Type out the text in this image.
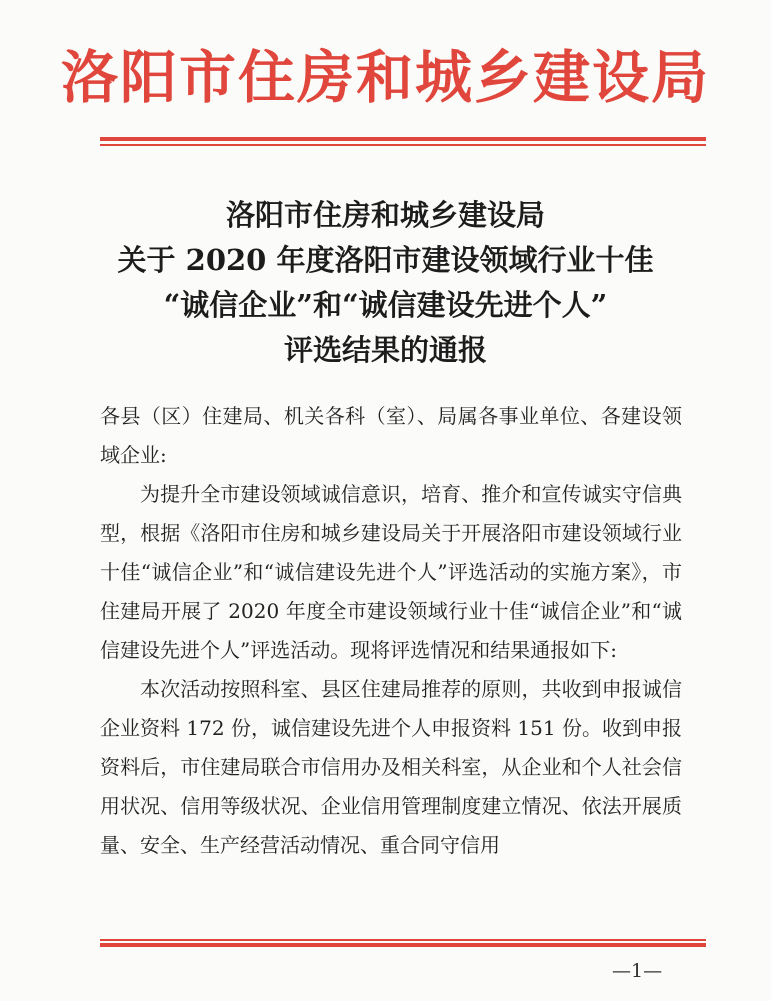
洛阳市住房和城乡建设局
洛阳市住房和城乡建设局
关于 2020 年度洛阳市建设领域行业十佳
“诚信企业”和“诚信建设先进个人”
评选结果的通报

各县（区）住建局、机关各科（室）、局属各事业单位、各建设领域企业:

为提升全市建设领域诚信意识，培育、推介和宣传诚实守信典型，根据《洛阳市住房和城乡建设局关于开展洛阳市建设领域行业十佳“诚信企业”和“诚信建设先进个人”评选活动的实施方案》，市住建局开展了 2020 年度全市建设领域行业十佳“诚信企业”和“诚信建设先进个人”评选活动。现将评选情况和结果通报如下:

本次活动按照科室、县区住建局推荐的原则，共收到申报诚信企业资料 172 份，诚信建设先进个人申报资料 151 份。收到申报资料后，市住建局联合市信用办及相关科室，从企业和个人社会信用状况、信用等级状况、企业信用管理制度建立情况、依法开展质量、安全、生产经营活动情况、重合同守信用

—1—
